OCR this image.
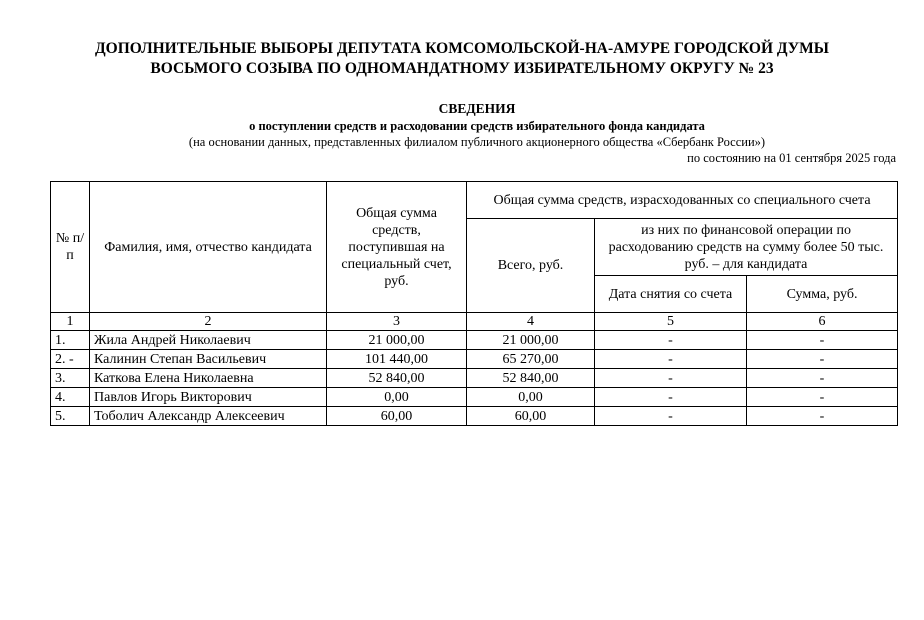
ДОПОЛНИТЕЛЬНЫЕ ВЫБОРЫ ДЕПУТАТА КОМСОМОЛЬСКОЙ-НА-АМУРЕ ГОРОДСКОЙ ДУМЫ
ВОСЬМОГО СОЗЫВА ПО ОДНОМАНДАТНОМУ ИЗБИРАТЕЛЬНОМУ ОКРУГУ № 23
СВЕДЕНИЯ
о поступлении средств и расходовании средств избирательного фонда кандидата
(на основании данных, представленных филиалом публичного акционерного общества «Сбербанк России»)
по состоянию на 01 сентября 2025 года
№ п/п	Фамилия, имя, отчество кандидата	Общая сумма средств, поступившая на специальный счет, руб.	Общая сумма средств, израсходованных со специального счета		
			Всего, руб.	из них по финансовой операции по расходованию средств на сумму более 50 тыс. руб. – для кандидата	
				Дата снятия со счета	Сумма, руб.
1	2	3	4	5	6
1.	Жила Андрей Николаевич	21 000,00	21 000,00	-	-
2. -	Калинин Степан Васильевич	101 440,00	65 270,00	-	-
3.	Каткова Елена Николаевна	52 840,00	52 840,00	-	-
4.	Павлов Игорь Викторович	0,00	0,00	-	-
5.	Тоболич Александр Алексеевич	60,00	60,00	-	-
